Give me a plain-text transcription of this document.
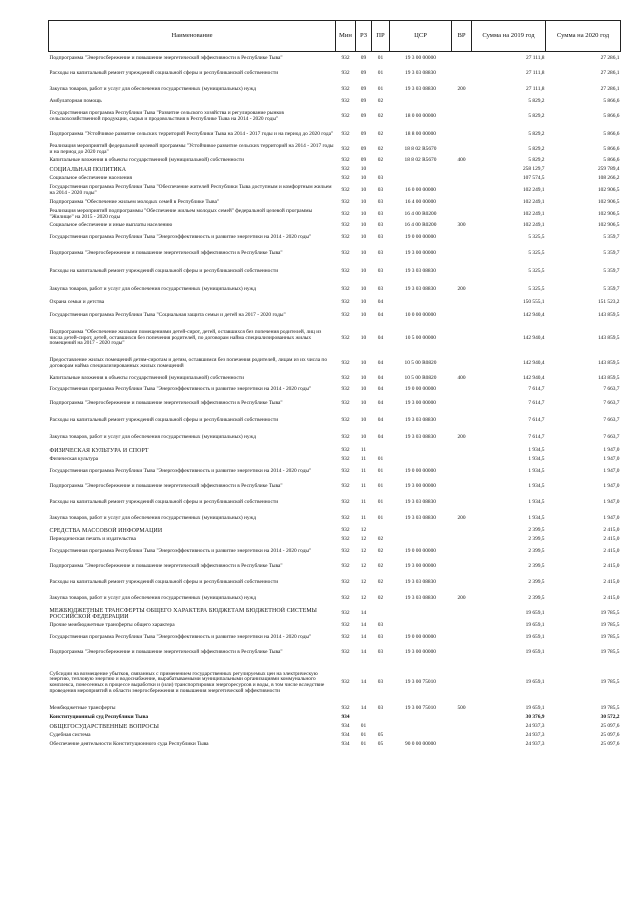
Наименование	Мин	РЗ	ПР	ЦСР	ВР	Сумма на 2019 год	Сумма на 2020 год
Подпрограмма "Энергосбережение и повышение энергетической эффективности в Республике Тыва"	932	09	01	19 3 00 00000		27 111,8	27 286,1
Расходы на капитальный ремонт учреждений социальной сферы и республиканской собственности	932	09	01	19 3 03 08830		27 111,8	27 286,1
Закупка товаров, работ и услуг для обеспечения государственных (муниципальных) нужд	932	09	01	19 3 03 08830	200	27 111,8	27 286,1
Амбулаторная помощь	932	09	02			5 829,2	5 866,6
Государственная программа Республики Тыва "Развитие сельского хозяйства и регулирование рынков сельскохозяйственной продукции, сырья и продовольствия в Республике Тыва на 2014 - 2020 годы"	932	09	02	18 0 00 00000		5 829,2	5 866,6
Подпрограмма "Устойчивое развитие сельских территорий Республики Тыва на 2014 - 2017 годы и на период до 2020 года"	932	09	02	18 8 00 00000		5 829,2	5 866,6
Реализация мероприятий федеральной целевой программы "Устойчивое развитие сельских территорий на 2014 - 2017 годы и на период до 2020 года"	932	09	02	18 8 02 R5670		5 829,2	5 866,6
Капитальные вложения в объекты государственной (муниципальной) собственности	932	09	02	18 8 02 R5670	400	5 829,2	5 866,6
СОЦИАЛЬНАЯ ПОЛИТИКА	932	10				258 129,7	259 789,4
Социальное обеспечение населения	932	10	03			107 574,5	108 266,2
Государственная программа Республики Тыва "Обеспечение жителей Республики Тыва доступным и комфортным жильем на 2014 - 2020 годы"	932	10	03	16 0 00 00000		102 249,1	102 906,5
Подпрограмма "Обеспечение жильем молодых семей в Республике Тыва"	932	10	03	16 4 00 00000		102 249,1	102 906,5
Реализация мероприятий подпрограммы "Обеспечение жильем молодых семей" федеральной целевой программы "Жилище" на 2015 - 2020 годы	932	10	03	16 4 00 R0200		102 249,1	102 906,5
Социальное обеспечение и иные выплаты населению	932	10	03	16 4 00 R0200	300	102 249,1	102 906,5
Государственная программа Республики Тыва "Энергоэффективность и развитие энергетики на 2014 - 2020 годы"	932	10	03	19 0 00 00000		5 325,5	5 359,7
Подпрограмма "Энергосбережение и повышение энергетической эффективности в Республике Тыва"	932	10	03	19 3 00 00000		5 325,5	5 359,7
Расходы на капитальный ремонт учреждений социальной сферы и республиканской собственности	932	10	03	19 3 03 08830		5 325,5	5 359,7
Закупка товаров, работ и услуг для обеспечения государственных (муниципальных) нужд	932	10	03	19 3 03 08830	200	5 325,5	5 359,7
Охрана семьи и детства	932	10	04			150 555,1	151 523,2
Государственная программа Республики Тыва "Социальная защита семьи и детей на 2017 - 2020 годы"	932	10	04	10 0 00 00000		142 940,4	143 859,5
Подпрограмма "Обеспечение жилыми помещениями детей-сирот, детей, оставшихся без попечения родителей, лиц из числа детей-сирот, детей, оставшихся без попечения родителей, по договорам найма специализированных жилых помещений на 2017 - 2020 годы"	932	10	04	10 5 00 00000		142 940,4	143 859,5
Предоставление жилых помещений детям-сиротам и детям, оставшимся без попечения родителей, лицам из их числа по договорам найма специализированных жилых помещений	932	10	04	10 5 00 R0820		142 940,4	143 859,5
Капитальные вложения в объекты государственной (муниципальной) собственности	932	10	04	10 5 00 R0820	400	142 940,4	143 859,5
Государственная программа Республики Тыва "Энергоэффективность и развитие энергетики на 2014 - 2020 годы"	932	10	04	19 0 00 00000		7 614,7	7 663,7
Подпрограмма "Энергосбережение и повышение энергетической эффективности в Республике Тыва"	932	10	04	19 3 00 00000		7 614,7	7 663,7
Расходы на капитальный ремонт учреждений социальной сферы и республиканской собственности	932	10	04	19 3 03 08830		7 614,7	7 663,7
Закупка товаров, работ и услуг для обеспечения государственных (муниципальных) нужд	932	10	04	19 3 03 08830	200	7 614,7	7 663,7
ФИЗИЧЕСКАЯ КУЛЬТУРА И СПОРТ	932	11				1 934,5	1 947,0
Физическая культура	932	11	01			1 934,5	1 947,0
Государственная программа Республики Тыва "Энергоэффективность и развитие энергетики на 2014 - 2020 годы"	932	11	01	19 0 00 00000		1 934,5	1 947,0
Подпрограмма "Энергосбережение и повышение энергетической эффективности в Республике Тыва"	932	11	01	19 3 00 00000		1 934,5	1 947,0
Расходы на капитальный ремонт учреждений социальной сферы и республиканской собственности	932	11	01	19 3 03 08830		1 934,5	1 947,0
Закупка товаров, работ и услуг для обеспечения государственных (муниципальных) нужд	932	11	01	19 3 03 08830	200	1 934,5	1 947,0
СРЕДСТВА МАССОВОЙ ИНФОРМАЦИИ	932	12				2 399,5	2 415,0
Периодическая печать и издательства	932	12	02			2 399,5	2 415,0
Государственная программа Республики Тыва "Энергоэффективность и развитие энергетики на 2014 - 2020 годы"	932	12	02	19 0 00 00000		2 399,5	2 415,0
Подпрограмма "Энергосбережение и повышение энергетической эффективности в Республике Тыва"	932	12	02	19 3 00 00000		2 399,5	2 415,0
Расходы на капитальный ремонт учреждений социальной сферы и республиканской собственности	932	12	02	19 3 03 08830		2 399,5	2 415,0
Закупка товаров, работ и услуг для обеспечения государственных (муниципальных) нужд	932	12	02	19 3 03 08830	200	2 399,5	2 415,0
МЕЖБЮДЖЕТНЫЕ ТРАНСФЕРТЫ ОБЩЕГО ХАРАКТЕРА БЮДЖЕТАМ БЮДЖЕТНОЙ СИСТЕМЫ РОССИЙСКОЙ ФЕДЕРАЦИИ	932	14				19 659,1	19 785,5
Прочие межбюджетные трансферты общего характера	932	14	03			19 659,1	19 785,5
Государственная программа Республики Тыва "Энергоэффективность и развитие энергетики на 2014 - 2020 годы"	932	14	03	19 0 00 00000		19 659,1	19 785,5
Подпрограмма "Энергосбережение и повышение энергетической эффективности в Республике Тыва"	932	14	03	19 3 00 00000		19 659,1	19 785,5
Субсидии на возмещение убытков, связанных с применением государственных регулируемых цен на электрическую энергию, тепловую энергию и водоснабжение, вырабатываемыми муниципальными организациями коммунального комплекса, понесенных в процессе выработки и (или) транспортировки энергоресурсов и воды, в том числе вследствие проведения мероприятий в области энергосбережения и повышения энергетической эффективности	932	14	03	19 3 00 75010		19 659,1	19 785,5
Межбюджетные трансферты	932	14	03	19 3 00 75010	500	19 659,1	19 785,5
Конституционный суд Республики Тыва	934					30 376,9	30 572,2
ОБЩЕГОСУДАРСТВЕННЫЕ ВОПРОСЫ	934	01				24 937,3	25 097,6
Судебная система	934	01	05			24 937,3	25 097,6
Обеспечение деятельности Конституционного суда Республики Тыва	934	01	05	90 0 00 00000		24 937,3	25 097,6
